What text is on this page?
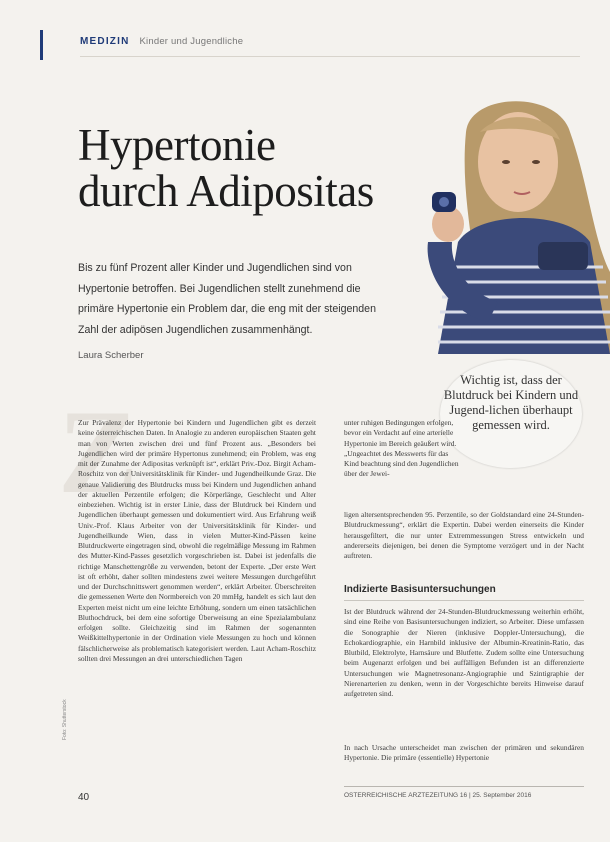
MEDIZIN Kinder und Jugendliche
Hypertonie
durch Adipositas

Bis zu fünf Prozent aller Kinder und Jugendlichen sind von Hypertonie betroffen. Bei Jugendlichen stellt zunehmend die primäre Hypertonie ein Problem dar, die eng mit der steigenden Zahl der adipösen Jugendlichen zusammenhängt.

Laura Scherber
Wichtig ist, dass der Blutdruck bei Kindern und Jugend-lichen überhaupt gemessen wird.
Z

Zur Prävalenz der Hypertonie bei Kindern und Jugendlichen gibt es derzeit keine österreichischen Daten. In Analogie zu anderen europäischen Staaten geht man von Werten zwischen drei und fünf Prozent aus. „Besonders bei Jugendlichen wird der primäre Hypertonus zunehmend; ein Problem, was eng mit der Zunahme der Adipositas verknüpft ist“, erklärt Priv.-Doz. Birgit Acham-Roschitz von der Universitätsklinik für Kinder- und Jugendheilkunde Graz. Die genaue Validierung des Blutdrucks muss bei Kindern und Jugendlichen anhand der aktuellen Perzentile erfolgen; die Körperlänge, Geschlecht und Alter einbeziehen. Wichtig ist in erster Linie, dass der Blutdruck bei Kindern und Jugendlichen überhaupt gemessen und dokumentiert wird. Aus Erfahrung weiß Univ.-Prof. Klaus Arbeiter von der Universitätsklinik für Kinder- und Jugendheilkunde Wien, dass in vielen Mutter-Kind-Pässen keine Blutdruckwerte eingetragen sind, obwohl die regelmäßige Messung im Rahmen des Mutter-Kind-Passes gesetzlich vorgeschrieben ist. Dabei ist jedenfalls die richtige Manschettengröße zu verwenden, betont der Experte. „Der erste Wert ist oft erhöht, daher sollten mindestens zwei weitere Messungen durchgeführt und der Durchschnittswert genommen werden“, erklärt Arbeiter. Überschreiten die gemessenen Werte den Normbereich von 20 mmHg, handelt es sich laut den Experten meist nicht um eine leichte Erhöhung, sondern um einen tatsächlichen Bluthochdruck, bei dem eine sofortige Überweisung an eine Spezialambulanz erfolgen sollte. Gleichzeitig sind im Rahmen der sogenannten Weißkittelhypertonie in der Ordination viele Messungen zu hoch und können fälschlicherweise als problematisch kategorisiert werden. Laut Acham-Roschitz sollten drei Messungen an drei unterschiedlichen Tagen

unter ruhigen Bedingungen erfolgen, bevor ein Verdacht auf eine arterielle Hypertonie im Bereich geäußert wird. „Ungeachtet des Messwerts für das Kind beachtung sind den Jugendlichen über der Jewei-

ligen altersentsprechenden 95. Perzentile, so der Goldstandard eine 24-Stunden-Blutdruckmessung“, erklärt die Expertin. Dabei werden einerseits die Kinder herausgefiltert, die nur unter Extremmessungen Stress entwickeln und andererseits diejenigen, bei denen die Symptome verzögert und in der Nacht auftreten.

Indizierte Basisuntersuchungen

Ist der Blutdruck während der 24-Stunden-Blutdruckmessung weiterhin erhöht, sind eine Reihe von Basisuntersuchungen indiziert, so Arbeiter. Diese umfassen die Sonographie der Nieren (inklusive Doppler-Untersuchung), die Echokardiographie, ein Harnbild inklusive der Albumin-Kreatinin-Ratio, das Blutbild, Elektrolyte, Harnsäure und Blutfette. Zudem sollte eine Untersuchung beim Augenarzt erfolgen und bei auffälligen Befunden ist an differenzierte Untersuchungen wie Magnetresonanz-Angiographie und Szintigraphie der Nierenarterien zu denken, wenn in der Vorgeschichte bereits Hinweise darauf aufgetreten sind.

In nach Ursache unterscheidet man zwischen der primären und sekundären Hypertonie. Die primäre (essentielle) Hypertonie

Foto: Shutterstock
40	ÖSTERREICHISCHE ÄRZTEZEITUNG 16 | 25. September 2016
